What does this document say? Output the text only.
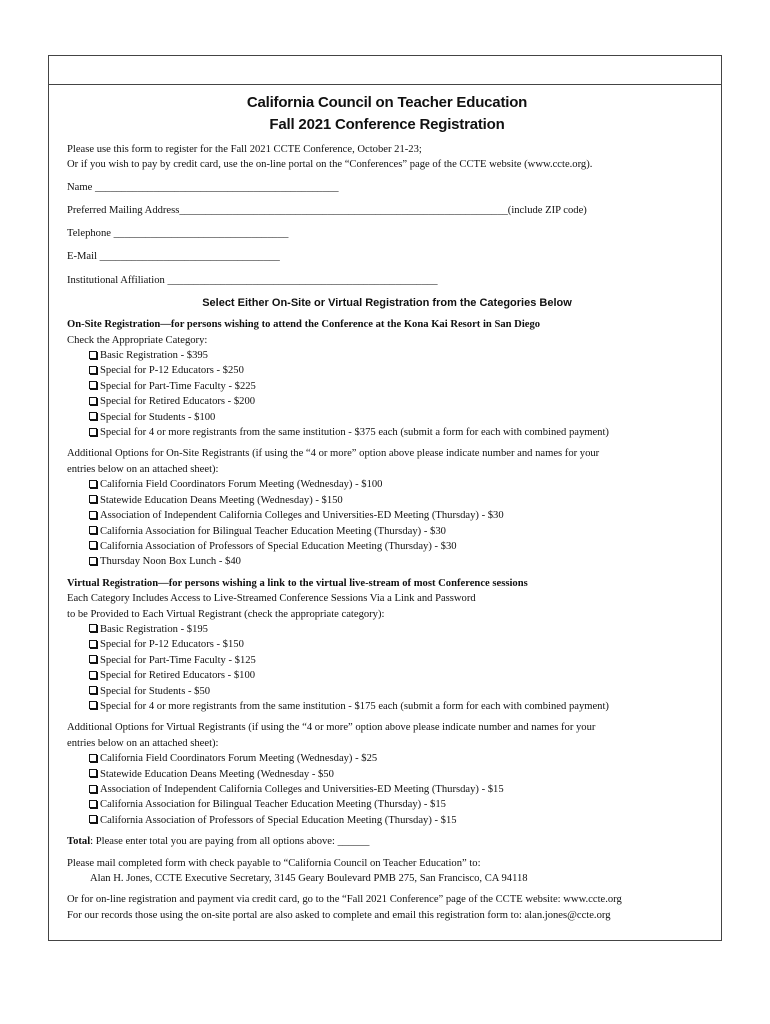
California Council on Teacher Education
Fall 2021 Conference Registration

Please use this form to register for the Fall 2021 CCTE Conference, October 21-23;

Or if you wish to pay by credit card, use the on-line portal on the “Conferences” page of the CCTE website (www.ccte.org).

Name ______________________________________________
Preferred Mailing Address______________________________________________________________(include ZIP code)
Telephone _________________________________
E-Mail __________________________________
Institutional Affiliation ___________________________________________________
Select Either On-Site or Virtual Registration from the Categories Below

On-Site Registration—for persons wishing to attend the Conference at the Kona Kai Resort in San Diego

Check the Appropriate Category:

Basic Registration - $395
Special for P-12 Educators - $250
Special for Part-Time Faculty - $225
Special for Retired Educators - $200
Special for Students - $100
Special for 4 or more registrants from the same institution - $375 each (submit a form for each with combined payment)

Additional Options for On-Site Registrants (if using the “4 or more” option above please indicate number and names for your

entries below on an attached sheet):

California Field Coordinators Forum Meeting (Wednesday) - $100
Statewide Education Deans Meeting (Wednesday) - $150
Association of Independent California Colleges and Universities-ED Meeting (Thursday) - $30
California Association for Bilingual Teacher Education Meeting (Thursday) - $30
California Association of Professors of Special Education Meeting (Thursday) - $30
Thursday Noon Box Lunch - $40

Virtual Registration—for persons wishing a link to the virtual live-stream of most Conference sessions

Each Category Includes Access to Live-Streamed Conference Sessions Via a Link and Password

to be Provided to Each Virtual Registrant (check the appropriate category):

Basic Registration - $195
Special for P-12 Educators - $150
Special for Part-Time Faculty - $125
Special for Retired Educators - $100
Special for Students - $50
Special for 4 or more registrants from the same institution - $175 each (submit a form for each with combined payment)

Additional Options for Virtual Registrants (if using the “4 or more” option above please indicate number and names for your

entries below on an attached sheet):

California Field Coordinators Forum Meeting (Wednesday) - $25
Statewide Education Deans Meeting (Wednesday - $50
Association of Independent California Colleges and Universities-ED Meeting (Thursday) - $15
California Association for Bilingual Teacher Education Meeting (Thursday) - $15
California Association of Professors of Special Education Meeting (Thursday) - $15

Total: Please enter total you are paying from all options above: ______

Please mail completed form with check payable to “California Council on Teacher Education” to:

Alan H. Jones, CCTE Executive Secretary, 3145 Geary Boulevard PMB 275, San Francisco, CA 94118

Or for on-line registration and payment via credit card, go to the “Fall 2021 Conference” page of the CCTE website: www.ccte.org

For our records those using the on-site portal are also asked to complete and email this registration form to: alan.jones@ccte.org
